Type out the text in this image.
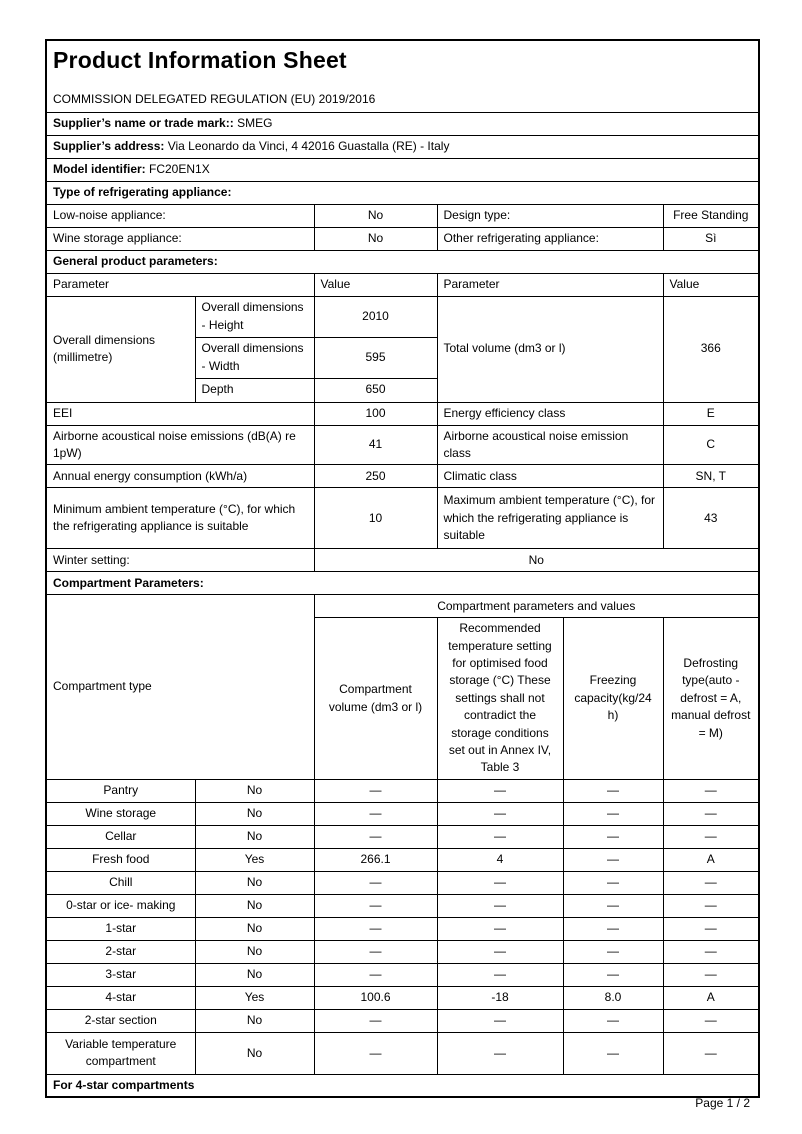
Product Information Sheet
COMMISSION DELEGATED REGULATION (EU) 2019/2016					

Supplier’s name or trade mark:: SMEG					
Supplier’s address: Via Leonardo da Vinci, 4 42016 Guastalla (RE) - Italy					
Model identifier: FC20EN1X					
Type of refrigerating appliance:					
Low-noise appliance:		No	Design type:		Free Standing
Wine storage appliance:		No	Other refrigerating appliance:		Sì
General product parameters:					
Parameter		Value	Parameter		Value
Overall dimensions (millimetre)	Overall dimensions - Height	2010	Total volume (dm3 or l)		366
	Overall dimensions - Width	595			
	Depth	650			
EEI		100	Energy efficiency class		E
Airborne acoustical noise emissions (dB(A) re 1pW)		41	Airborne acoustical noise emission class		C
Annual energy consumption (kWh/a)		250	Climatic class		SN, T
Minimum ambient temperature (°C), for which the refrigerating appliance is suitable		10	Maximum ambient temperature (°C), for which the refrigerating appliance is suitable		43
Winter setting:		No			
Compartment Parameters:					
Compartment type		Compartment parameters and values			
		Compartment volume (dm3 or l)	Recommended temperature setting for optimised food storage (°C) These settings shall not contradict the storage conditions set out in Annex IV, Table 3	Freezing capacity(kg/24 h)	Defrosting type(auto - defrost = A, manual defrost = M)
Pantry	No	—	—	—	—
Wine storage	No	—	—	—	—
Cellar	No	—	—	—	—
Fresh food	Yes	266.1	4	—	A
Chill	No	—	—	—	—
0-star or ice- making	No	—	—	—	—
1-star	No	—	—	—	—
2-star	No	—	—	—	—
3-star	No	—	—	—	—
4-star	Yes	100.6	-18	8.0	A
2-star section	No	—	—	—	—
Variable temperature compartment	No	—	—	—	—
For 4-star compartments					
Page 1 / 2
